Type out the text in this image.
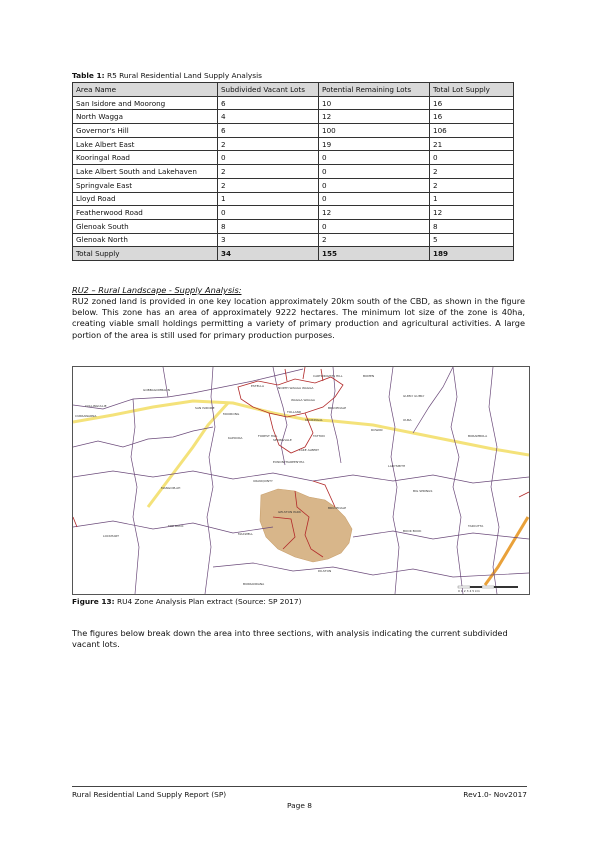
Table 1: R5 Rural Residential Land Supply Analysis
Area Name	Subdivided Vacant Lots	Potential Remaining Lots	Total Lot Supply
San Isidore and Moorong	6	10	16
North Wagga	4	12	16
Governor's Hill	6	100	106
Lake Albert East	2	19	21
Kooringal Road	0	0	0
Lake Albert South and Lakehaven	2	0	2
Springvale East	2	0	2
Lloyd Road	1	0	1
Featherwood Road	0	12	12
Glenoak South	8	0	8
Glenoak North	3	2	5
Total Supply	34	155	189
RU2 – Rural Landscape - Supply Analysis:
RU2 zoned land is provided in one key location approximately 20km south of the CBD, as shown in the figure below. This zone has an area of approximately 9222 hectares. The minimum lot size of the zone is 40ha, creating viable small holdings permitting a variety of primary production and agricultural activities. A large portion of the area is still used for primary production purposes.
0 1 2 3 4 5 km
COLLINGULLIE
GOBBAGOMBALIN
CARTWRIGHTS HILL	BOMEN
GUMLY GUMLY
NORTH WAGGA WAGGA
WAGGA WAGGA
TOLLAND
KOORINGAL
LAKE ALBERT
SPRINGVALE
GELSTON PARK
BRUCEDALE
FOREST HILL
EUNONYHAREENYHA
OURA
ROWAN
BORAMBOLA
TARCUTTA
BIG SPRINGS
LADYSMITH
MANGOPLAH
BOOK BOOK
MAXWELL
DILSTON
LOCKHART
THE ROCK
SAN ISIDORE
MOORONG
ESTELLA
CURRAWARNA
URANQUINTY
BURRANDANA
TATTON
KAPOOKA
BRUCEDALE
Figure 13: RU4 Zone Analysis Plan extract (Source: SP 2017)
The figures below break down the area into three sections, with analysis indicating the current subdivided vacant lots.
Rural Residential Land Supply Report (SP)	Rev1.0- Nov2017
Page 8
